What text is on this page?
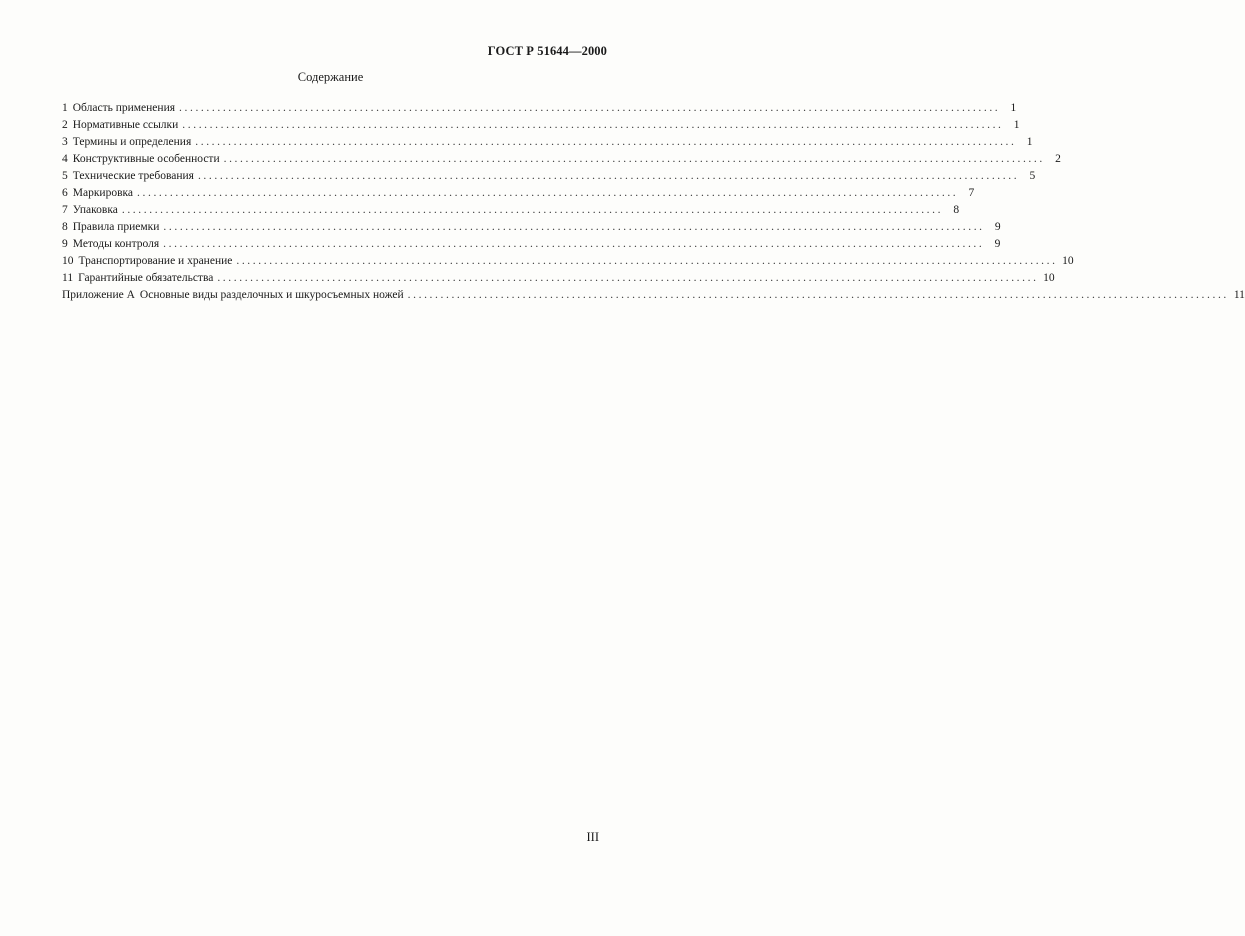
ГОСТ Р 51644—2000
Содержание
1 Область применения ...................................................................................................................................................... 1
2 Нормативные ссылки ...................................................................................................................................................... 1
3 Термины и определения ...................................................................................................................................................... 1
4 Конструктивные особенности ...................................................................................................................................................... 2
5 Технические требования ...................................................................................................................................................... 5
6 Маркировка ...................................................................................................................................................... 7
7 Упаковка ...................................................................................................................................................... 8
8 Правила приемки ...................................................................................................................................................... 9
9 Методы контроля ...................................................................................................................................................... 9
10 Транспортирование и хранение ...................................................................................................................................................... 10
11 Гарантийные обязательства ...................................................................................................................................................... 10
Приложение А Основные виды разделочных и шкуросъемных ножей ...................................................................................................................................................... 11
III
